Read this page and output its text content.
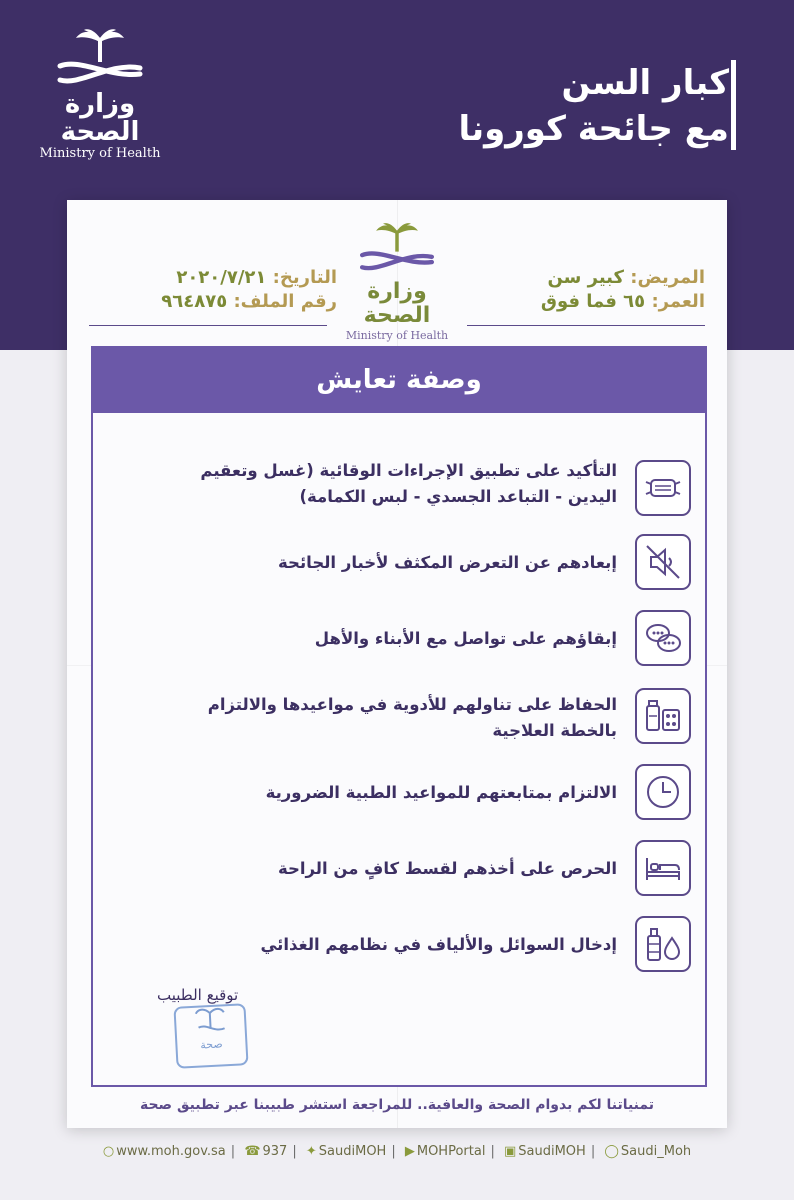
وزارة الصحة
Ministry of Health
كبار السن
مع جائحة كورونا
المريض: كبير سن
العمر: ٦٥ فما فوق
وزارة الصحة
Ministry of Health
التاريخ: ٢٠٢٠/٧/٢١
رقم الملف: ٩٦٤٨٧٥
وصفة تعايش
التأكيد على تطبيق الإجراءات الوقائية (غسل وتعقيم اليدين - التباعد الجسدي - لبس الكمامة)
إبعادهم عن التعرض المكثف لأخبار الجائحة
إبقاؤهم على تواصل مع الأبناء والأهل
الحفاظ على تناولهم للأدوية في مواعيدها والالتزام بالخطة العلاجية
الالتزام بمتابعتهم للمواعيد الطبية الضرورية
الحرص على أخذهم لقسط كافٍ من الراحة
إدخال السوائل والألياف في نظامهم الغذائي
توقيع الطبيب
صحة
تمنياتنا لكم بدوام الصحة والعافية.. للمراجعة استشر طبيبنا عبر تطبيق صحة
○ www.moh.gov.sa | ☎ 937 | ✦ SaudiMOH | ▶ MOHPortal | ▣ SaudiMOH | ◯ Saudi_Moh
